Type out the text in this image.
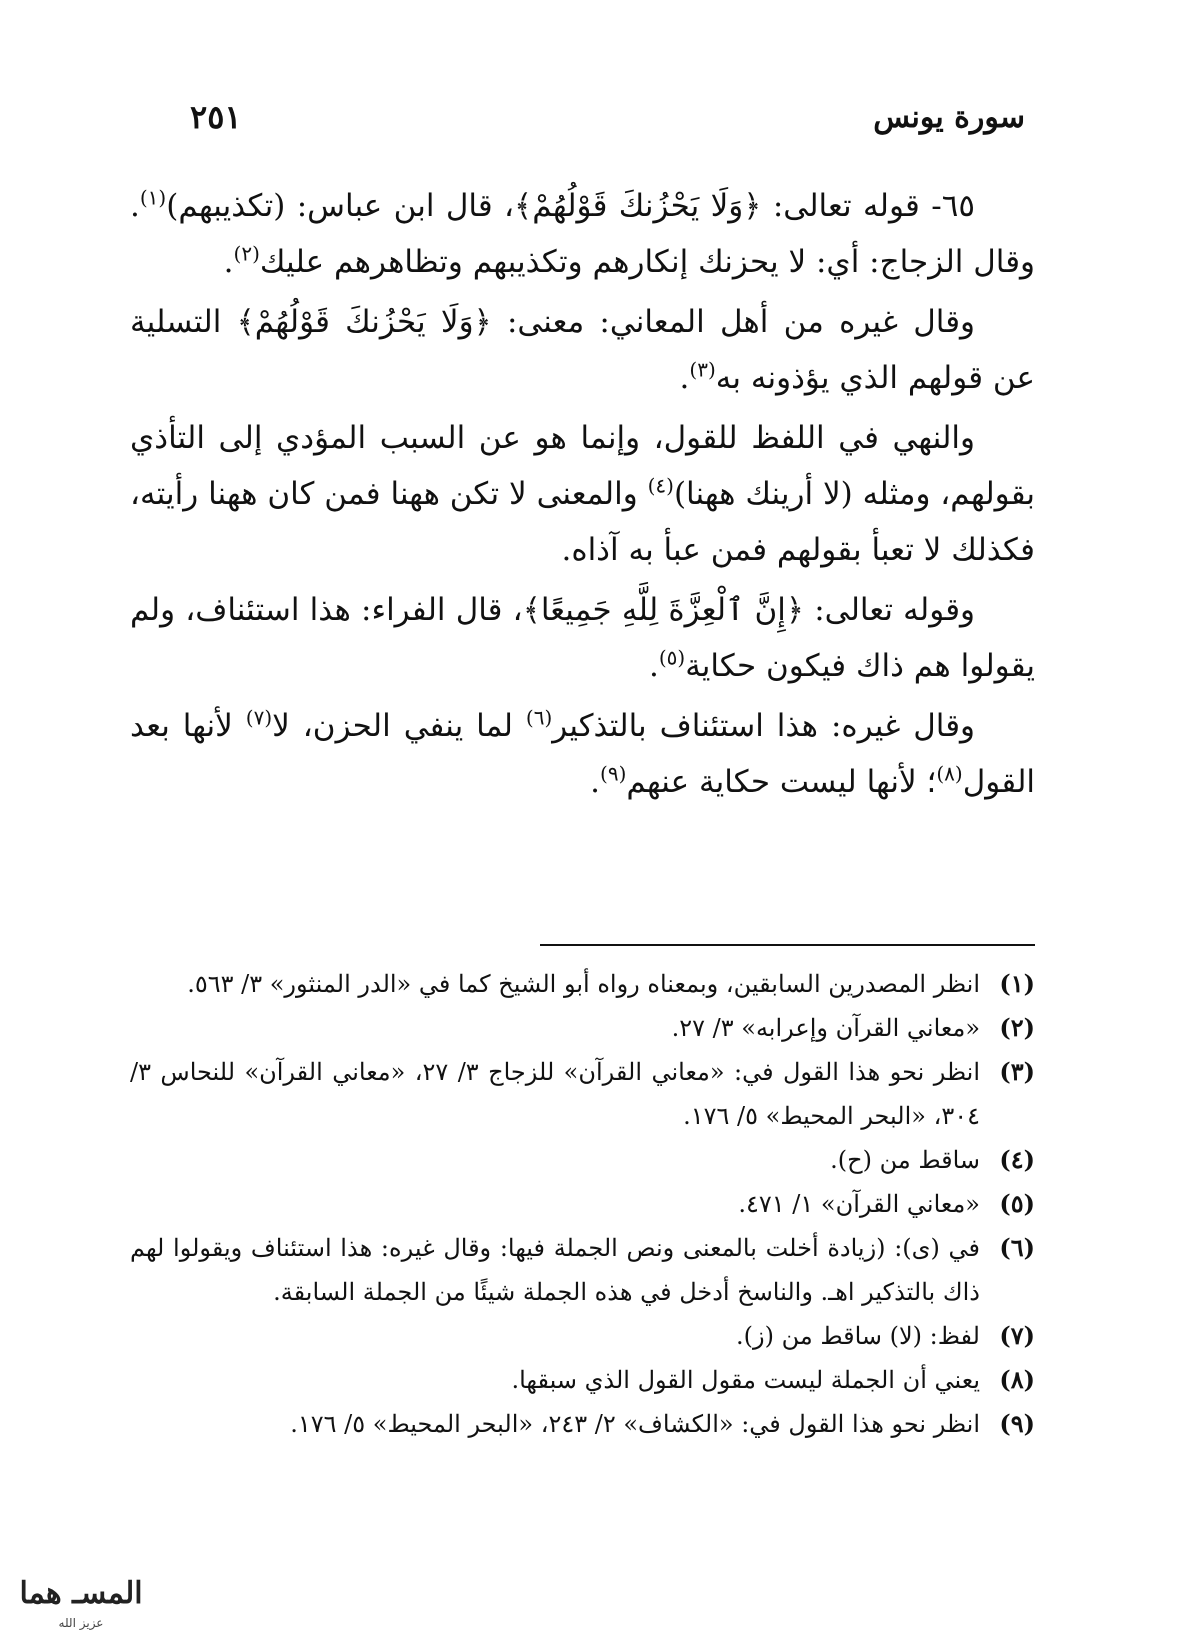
سورة يونس
٢٥١

٦٥- قوله تعالى: ﴿وَلَا يَحْزُنكَ قَوْلُهُمْ﴾، قال ابن عباس: (تكذيبهم)$^{(١)}$. وقال الزجاج: أي: لا يحزنك إنكارهم وتكذيبهم وتظاهرهم عليك$^{(٢)}$.

وقال غيره من أهل المعاني: معنى: ﴿وَلَا يَحْزُنكَ قَوْلُهُمْ﴾ التسلية عن قولهم الذي يؤذونه به$^{(٣)}$.

والنهي في اللفظ للقول، وإنما هو عن السبب المؤدي إلى التأذي بقولهم، ومثله (لا أرينك ههنا)$^{(٤)}$ والمعنى لا تكن ههنا فمن كان ههنا رأيته، فكذلك لا تعبأ بقولهم فمن عبأ به آذاه.

وقوله تعالى: ﴿إِنَّ ٱلْعِزَّةَ لِلَّهِ جَمِيعًا﴾، قال الفراء: هذا استئناف، ولم يقولوا هم ذاك فيكون حكاية$^{(٥)}$.

وقال غيره: هذا استئناف بالتذكير$^{(٦)}$ لما ينفي الحزن، لا$^{(٧)}$ لأنها بعد القول$^{(٨)}$؛ لأنها ليست حكاية عنهم$^{(٩)}$.

(١)
انظر المصدرين السابقين، وبمعناه رواه أبو الشيخ كما في «الدر المنثور» ٣/ ٥٦٣.
(٢)
«معاني القرآن وإعرابه» ٣/ ٢٧.
(٣)
انظر نحو هذا القول في: «معاني القرآن» للزجاج ٣/ ٢٧، «معاني القرآن» للنحاس ٣/ ٣٠٤، «البحر المحيط» ٥/ ١٧٦.
(٤)
ساقط من (ح).
(٥)
«معاني القرآن» ١/ ٤٧١.
(٦)
في (ى): (زيادة أخلت بالمعنى ونص الجملة فيها: وقال غيره: هذا استئناف ويقولوا لهم ذاك بالتذكير اهـ. والناسخ أدخل في هذه الجملة شيئًا من الجملة السابقة.
(٧)
لفظ: (لا) ساقط من (ز).
(٨)
يعني أن الجملة ليست مقول القول الذي سبقها.
(٩)
انظر نحو هذا القول في: «الكشاف» ٢/ ٢٤٣، «البحر المحيط» ٥/ ١٧٦.
المسـ هما
عزيز الله
